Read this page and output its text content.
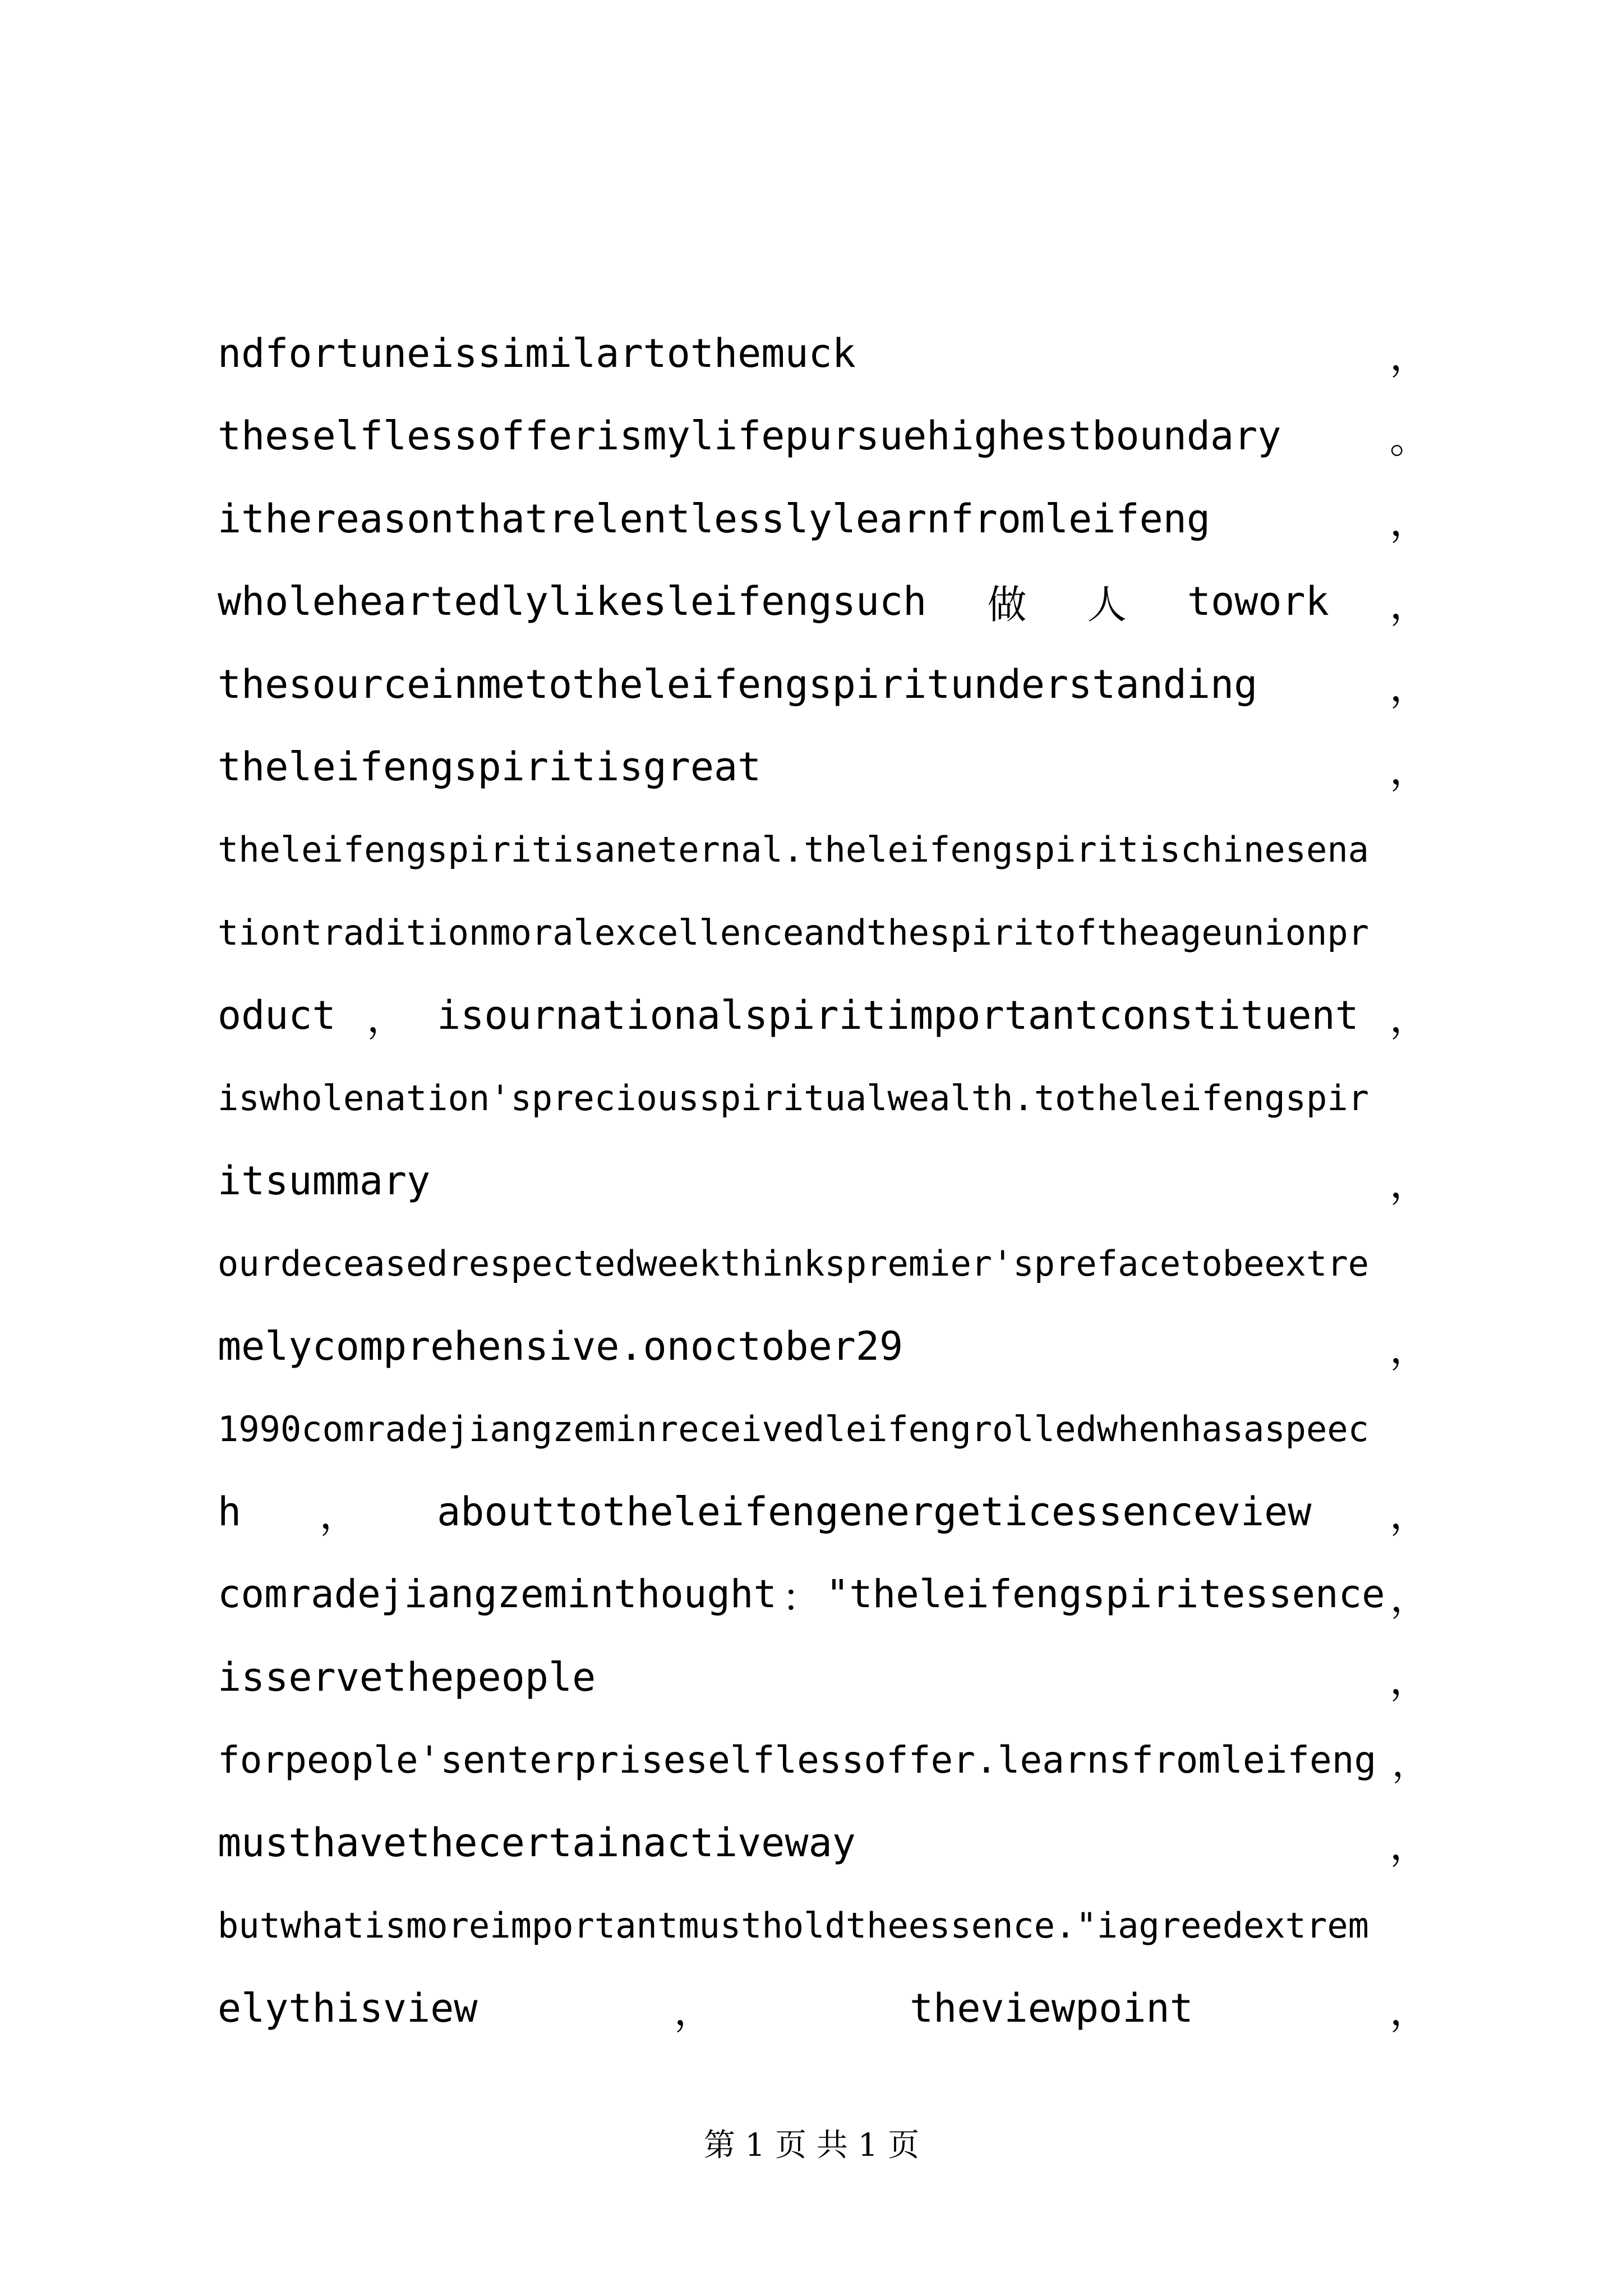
ndfortuneissimilartothemuck	，
theselflessofferismylifepursuehighestboundary	。
ithereasonthatrelentlesslylearnfromleifeng	，
wholeheartedlylikesleifengsuch 做 人 towork ，
thesourceinmetotheleifengspiritunderstanding	，
theleifengspiritisgreat	，
theleifengspiritisaneternal.theleifengspiritischinesena
tiontraditionmoralexcellenceandthespiritoftheageunionpr
oduct ， isournationalspiritimportantconstituent ，
iswholenation'spreciousspiritualwealth.totheleifengspir
itsummary	，
ourdeceasedrespectedweekthinkspremier'sprefacetobeextre
melycomprehensive.onoctober29	，
1990comradejiangzeminreceivedleifengrolledwhenhasaspeec
h ， abouttotheleifengenergeticessenceview ，
comradejiangzeminthought ： "theleifengspiritessence ，
isservethepeople	，
forpeople'senterpriseselflessoffer.learnsfromleifeng ，
musthavethecertainactiveway	，
butwhatismoreimportantmustholdtheessence."iagreedextrem
elythisview	，	theviewpoint	，
第 1 页 共 1 页
